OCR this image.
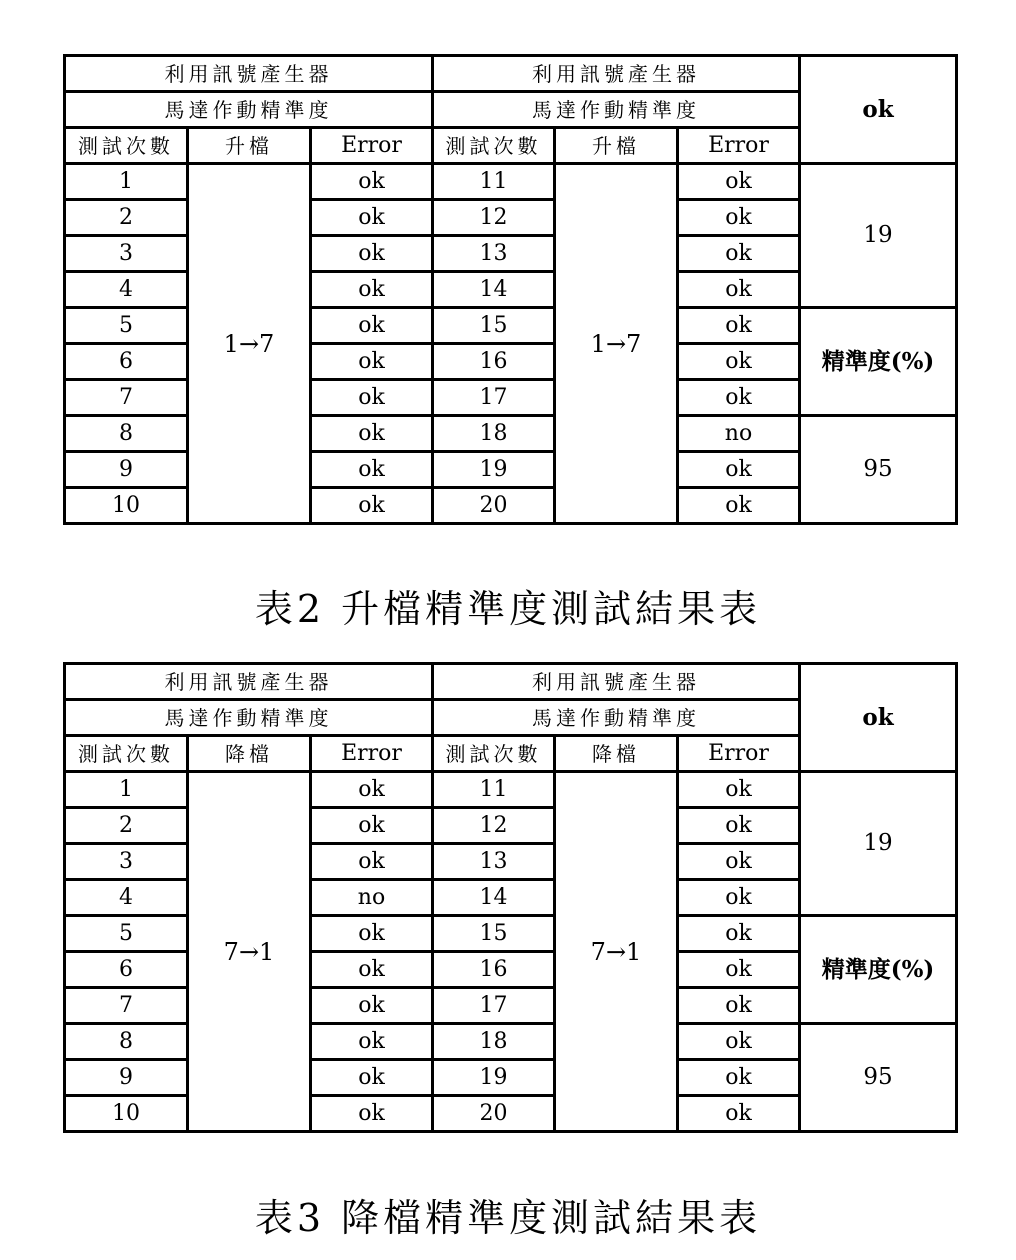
利用訊號產生器			利用訊號產生器			ok
馬達作動精準度			馬達作動精準度			
測試次數	升檔	Error	測試次數	升檔	Error	
1	1→7	ok	11	1→7	ok	19
2		ok	12		ok	
3		ok	13		ok	
4		ok	14		ok	
5		ok	15		ok	精準度(%)
6		ok	16		ok	
7		ok	17		ok	
8		ok	18		no	95
9		ok	19		ok	
10		ok	20		ok	
表2 升檔精準度測試結果表
利用訊號產生器			利用訊號產生器			ok
馬達作動精準度			馬達作動精準度			
測試次數	降檔	Error	測試次數	降檔	Error	
1	7→1	ok	11	7→1	ok	19
2		ok	12		ok	
3		ok	13		ok	
4		no	14		ok	
5		ok	15		ok	精準度(%)
6		ok	16		ok	
7		ok	17		ok	
8		ok	18		ok	95
9		ok	19		ok	
10		ok	20		ok	
表3 降檔精準度測試結果表
